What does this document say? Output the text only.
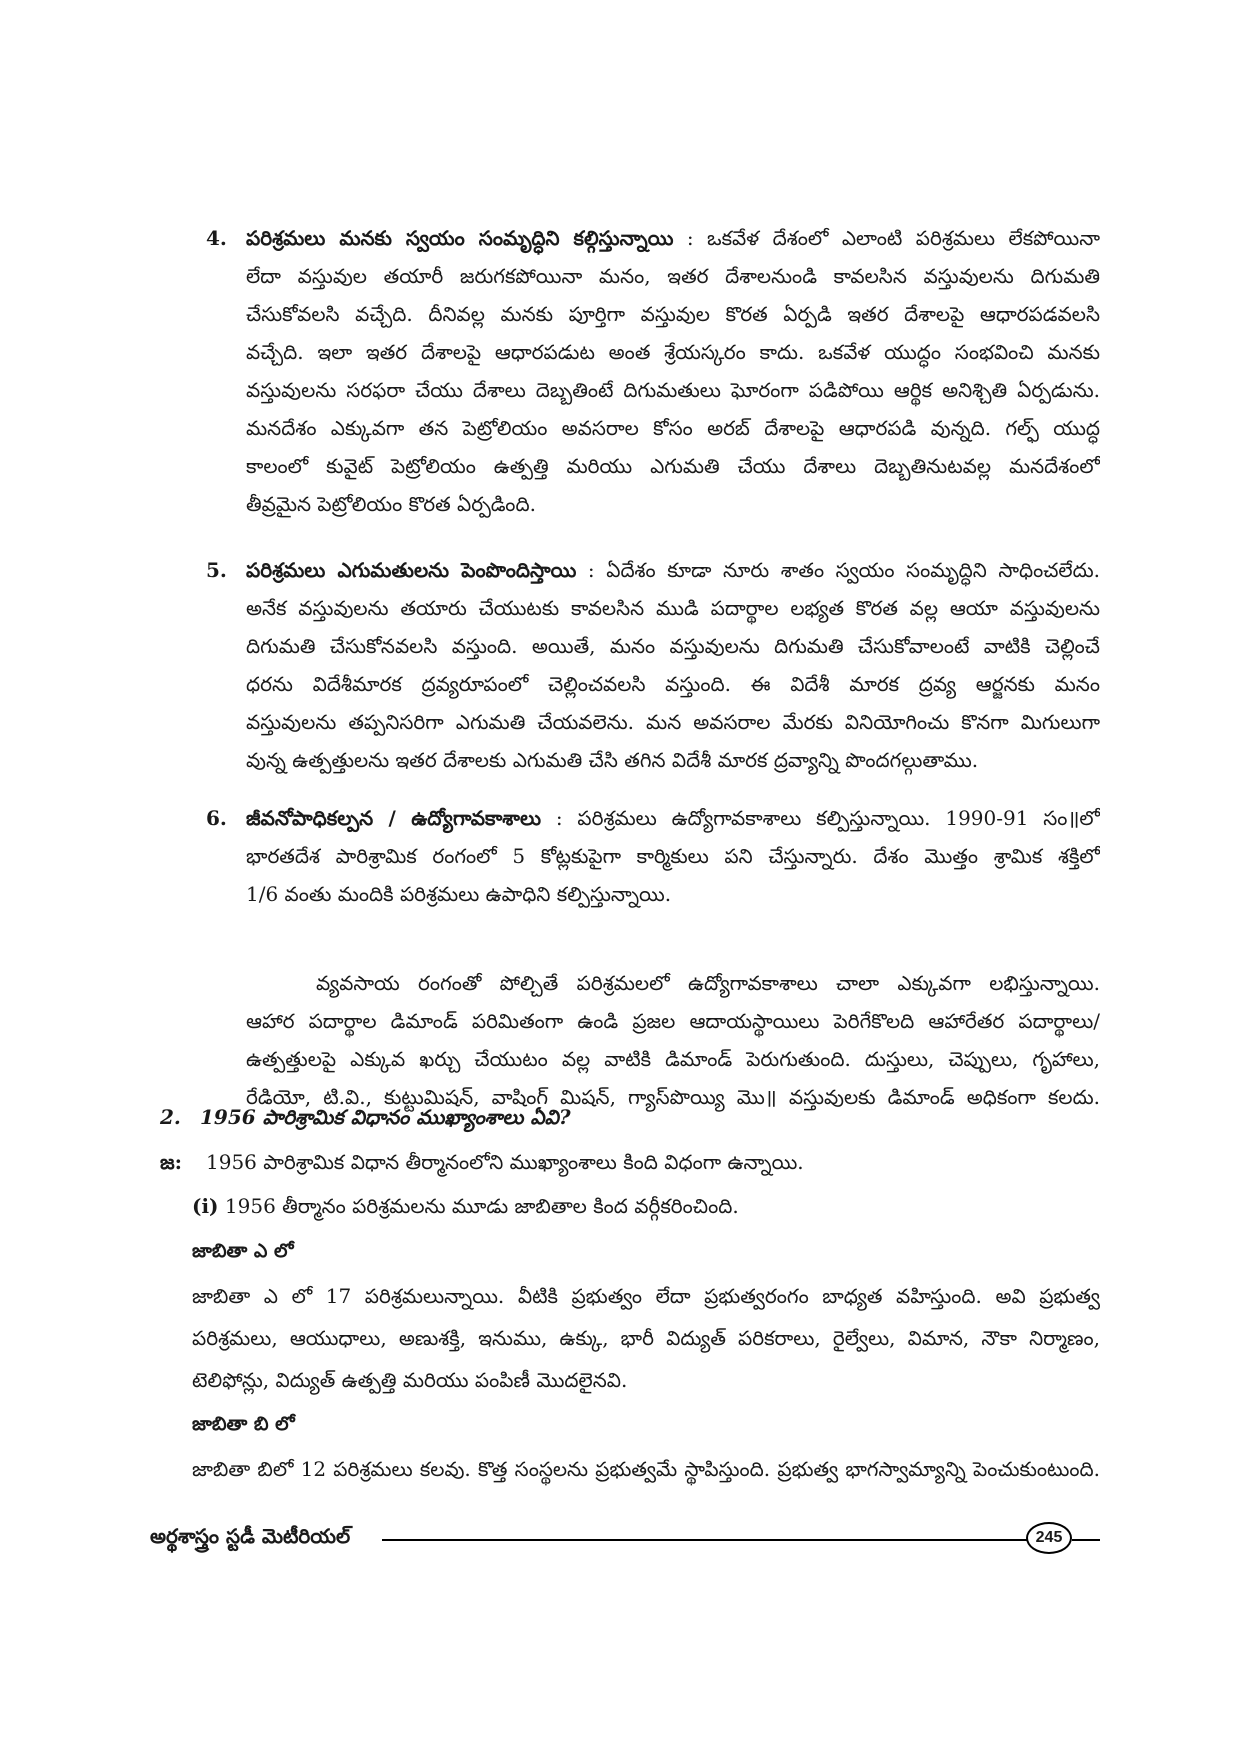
4. పరిశ్రమలు మనకు స్వయం సంమృద్ధిని కల్గిస్తున్నాయి : ఒకవేళ దేశంలో ఎలాంటి పరిశ్రమలు లేకపోయినా
లేదా వస్తువుల తయారీ జరుగకపోయినా మనం, ఇతర దేశాలనుండి కావలసిన వస్తువులను దిగుమతి
చేసుకోవలసి వచ్చేది. దీనివల్ల మనకు పూర్తిగా వస్తువుల కొరత ఏర్పడి ఇతర దేశాలపై ఆధారపడవలసి
వచ్చేది. ఇలా ఇతర దేశాలపై ఆధారపడుట అంత శ్రేయస్కరం కాదు. ఒకవేళ యుద్ధం సంభవించి మనకు
వస్తువులను సరఫరా చేయు దేశాలు దెబ్బతింటే దిగుమతులు ఘోరంగా పడిపోయి ఆర్థిక అనిశ్చితి ఏర్పడును.
మనదేశం ఎక్కువగా తన పెట్రోలియం అవసరాల కోసం అరబ్ దేశాలపై ఆధారపడి వున్నది. గల్ఫ్ యుద్ధ
కాలంలో కువైట్ పెట్రోలియం ఉత్పత్తి మరియు ఎగుమతి చేయు దేశాలు దెబ్బతినుటవల్ల మనదేశంలో
తీవ్రమైన పెట్రోలియం కొరత ఏర్పడింది.
5. పరిశ్రమలు ఎగుమతులను పెంపొందిస్తాయి : ఏదేశం కూడా నూరు శాతం స్వయం సంమృద్ధిని సాధించలేదు.
అనేక వస్తువులను తయారు చేయుటకు కావలసిన ముడి పదార్థాల లభ్యత కొరత వల్ల ఆయా వస్తువులను
దిగుమతి చేసుకోనవలసి వస్తుంది. అయితే, మనం వస్తువులను దిగుమతి చేసుకోవాలంటే వాటికి చెల్లించే
ధరను విదేశీమారక ద్రవ్యరూపంలో చెల్లించవలసి వస్తుంది. ఈ విదేశీ మారక ద్రవ్య ఆర్జనకు మనం
వస్తువులను తప్పనిసరిగా ఎగుమతి చేయవలెను. మన అవసరాల మేరకు వినియోగించు కొనగా మిగులుగా
వున్న ఉత్పత్తులను ఇతర దేశాలకు ఎగుమతి చేసి తగిన విదేశీ మారక ద్రవ్యాన్ని పొందగల్గుతాము.
6. జీవనోపాధికల్పన / ఉద్యోగావకాశాలు : పరిశ్రమలు ఉద్యోగావకాశాలు కల్పిస్తున్నాయి. 1990-91 సం॥లో
భారతదేశ పారిశ్రామిక రంగంలో 5 కోట్లకుపైగా కార్మికులు పని చేస్తున్నారు. దేశం మొత్తం శ్రామిక శక్తిలో
1/6 వంతు మందికి పరిశ్రమలు ఉపాధిని కల్పిస్తున్నాయి.
వ్యవసాయ రంగంతో పోల్చితే పరిశ్రమలలో ఉద్యోగావకాశాలు చాలా ఎక్కువగా లభిస్తున్నాయి.
ఆహార పదార్థాల డిమాండ్ పరిమితంగా ఉండి ప్రజల ఆదాయస్థాయిలు పెరిగేకొలది ఆహారేతర పదార్థాలు/
ఉత్పత్తులపై ఎక్కువ ఖర్చు చేయుటం వల్ల వాటికి డిమాండ్ పెరుగుతుంది. దుస్తులు, చెప్పులు, గృహాలు,
రేడియో, టి.వి., కుట్టుమిషన్, వాషింగ్ మిషన్, గ్యాస్‌పొయ్యి మొ॥ వస్తువులకు డిమాండ్ అధికంగా కలదు.
2. 1956 పారిశ్రామిక విధానం ముఖ్యాంశాలు ఏవి?
జ: 1956 పారిశ్రామిక విధాన తీర్మానంలోని ముఖ్యాంశాలు కింది విధంగా ఉన్నాయి.
(i) 1956 తీర్మానం పరిశ్రమలను మూడు జాబితాల కింద వర్గీకరించింది.
జాబితా ఎ లో
జాబితా ఎ లో 17 పరిశ్రమలున్నాయి. వీటికి ప్రభుత్వం లేదా ప్రభుత్వరంగం బాధ్యత వహిస్తుంది. అవి ప్రభుత్వ
పరిశ్రమలు, ఆయుధాలు, అణుశక్తి, ఇనుము, ఉక్కు, భారీ విద్యుత్ పరికరాలు, రైల్వేలు, విమాన, నౌకా నిర్మాణం,
టెలిఫోన్లు, విద్యుత్ ఉత్పత్తి మరియు పంపిణీ మొదలైనవి.
జాబితా బి లో
జాబితా బిలో 12 పరిశ్రమలు కలవు. కొత్త సంస్థలను ప్రభుత్వమే స్థాపిస్తుంది. ప్రభుత్వ భాగస్వామ్యాన్ని పెంచుకుంటుంది.
అర్థశాస్త్రం స్టడీ మెటీరియల్	245
